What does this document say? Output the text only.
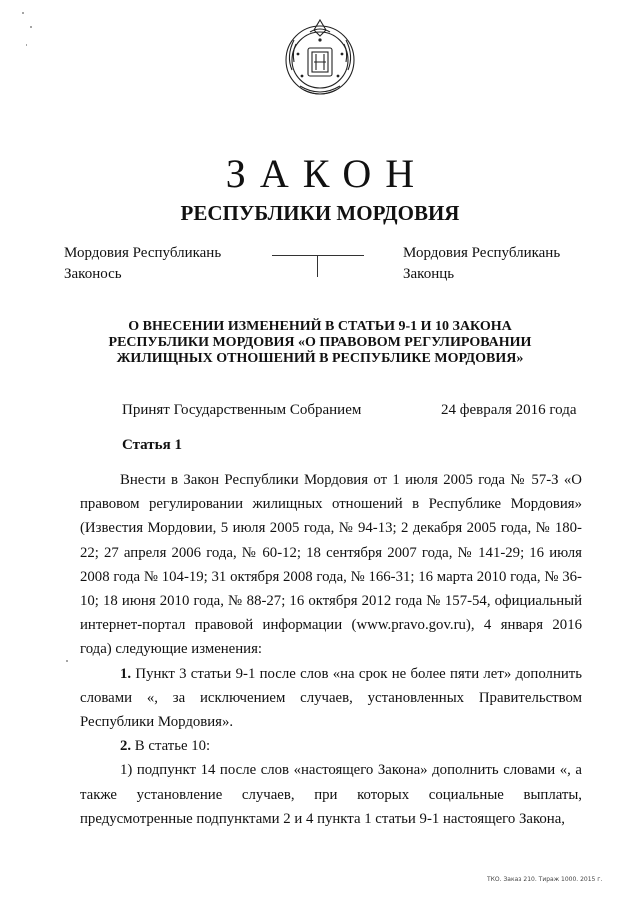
ЗАКОН
РЕСПУБЛИКИ МОРДОВИЯ
Мордовия Республикань
Законось
Мордовия Республикань
Законць
О ВНЕСЕНИИ ИЗМЕНЕНИЙ В СТАТЬИ 9-1 И 10 ЗАКОНА РЕСПУБЛИКИ МОРДОВИЯ «О ПРАВОВОМ РЕГУЛИРОВАНИИ ЖИЛИЩНЫХ ОТНОШЕНИЙ В РЕСПУБЛИКЕ МОРДОВИЯ»
Принят Государственным Собранием	24 февраля 2016 года
Статья 1

Внести в Закон Республики Мордовия от 1 июля 2005 года № 57-З «О правовом регулировании жилищных отношений в Республике Мордовия» (Известия Мордовии, 5 июля 2005 года, № 94-13; 2 декабря 2005 года, № 180-22; 27 апреля 2006 года, № 60-12; 18 сентября 2007 года, № 141-29; 16 июля 2008 года № 104-19; 31 октября 2008 года, № 166-31; 16 марта 2010 года, № 36-10; 18 июня 2010 года, № 88-27; 16 октября 2012 года № 157-54, официальный интернет-портал правовой информации (www.pravo.gov.ru), 4 января 2016 года) следующие изменения:

1. Пункт 3 статьи 9-1 после слов «на срок не более пяти лет» дополнить словами «, за исключением случаев, установленных Правительством Республики Мордовия».

2. В статье 10:

1) подпункт 14 после слов «настоящего Закона» дополнить словами «, а также установление случаев, при которых социальные выплаты, предусмотренные подпунктами 2 и 4 пункта 1 статьи 9-1 настоящего Закона,

ТКО. Заказ 210. Тираж 1000. 2015 г.
